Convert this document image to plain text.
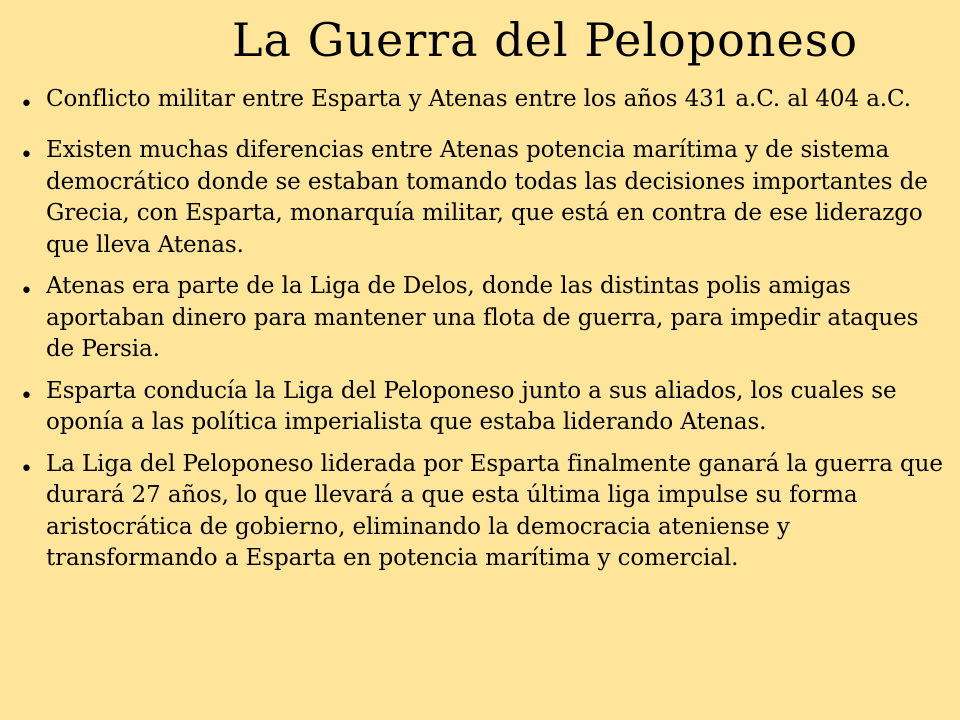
La Guerra del Peloponeso
• Conflicto militar entre Esparta y Atenas entre los años 431 a.C. al 404 a.C.
• Existen muchas diferencias entre Atenas potencia marítima y de sistema democrático donde se estaban tomando todas las decisiones importantes de Grecia, con Esparta, monarquía militar, que está en contra de ese liderazgo que lleva Atenas.
• Atenas era parte de la Liga de Delos, donde las distintas polis amigas aportaban dinero para mantener una flota de guerra, para impedir ataques de Persia.
• Esparta conducía la Liga del Peloponeso junto a sus aliados, los cuales se oponía a las política imperialista que estaba liderando Atenas.
• La Liga del Peloponeso liderada por Esparta finalmente ganará la guerra que durará 27 años, lo que llevará a que esta última liga impulse su forma aristocrática de gobierno, eliminando la democracia ateniense y transformando a Esparta en potencia marítima y comercial.
